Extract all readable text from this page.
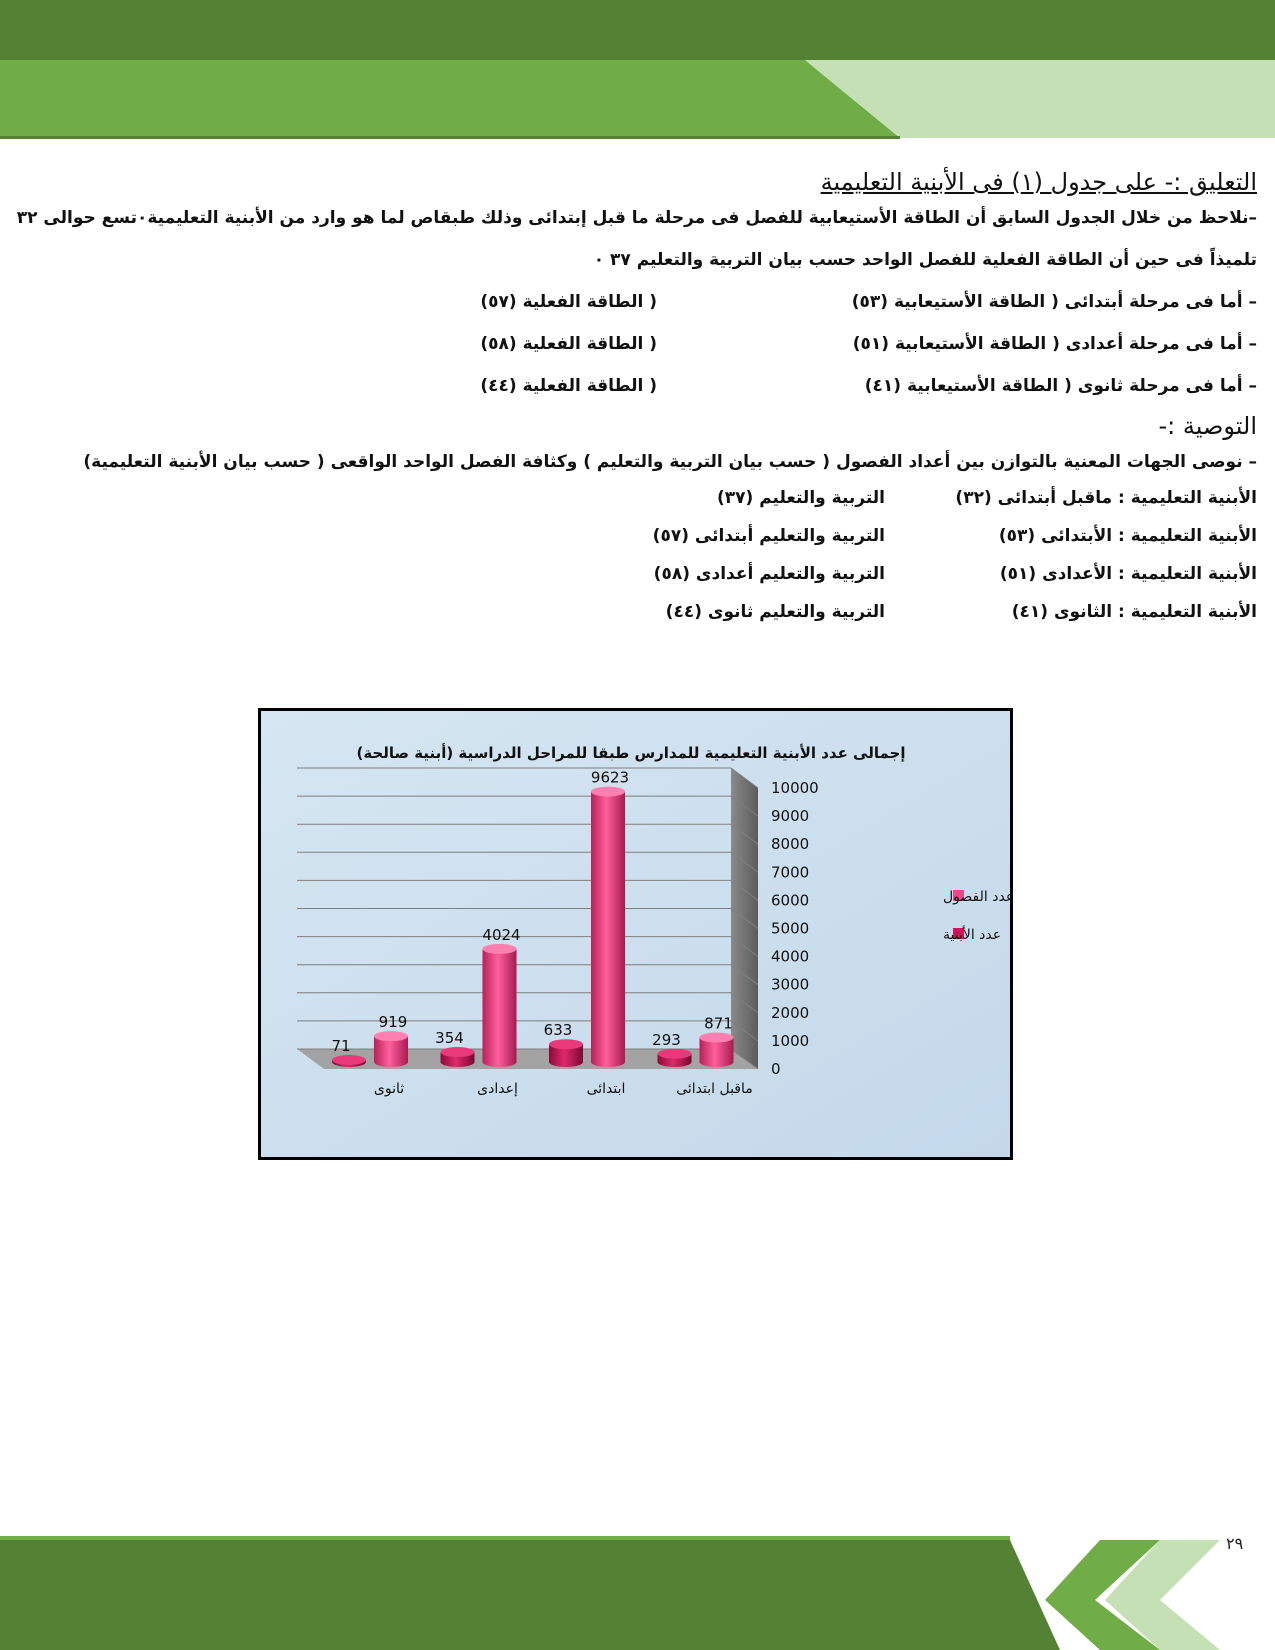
التعليق :- على جدول (١) فى الأبنية التعليمية
–نلاحظ من خلال الجدول السابق أن الطاقة الأستيعابية للفصل فى مرحلة ما قبل إبتدائى وذلك طبقاص لما هو وارد من الأبنية التعليمية٠تسع حوالى ٣٢
تلميذاً فى حين أن الطاقة الفعلية للفصل الواحد حسب بيان التربية والتعليم ٣٧ ٠
– أما فى مرحلة أبتدائى ( الطاقة الأستيعابية (٥٣)
( الطاقة الفعلية (٥٧)
– أما فى مرحلة أعدادى ( الطاقة الأستيعابية (٥١)
( الطاقة الفعلية (٥٨)
– أما فى مرحلة ثانوى ( الطاقة الأستيعابية (٤١)
( الطاقة الفعلية (٤٤)
التوصية :-
– نوصى الجهات المعنية بالتوازن بين أعداد الفصول ( حسب بيان التربية والتعليم ) وكثافة الفصل الواحد الواقعى ( حسب بيان الأبنية التعليمية)
الأبنية التعليمية : ماقبل أبتدائى (٣٢)
التربية والتعليم (٣٧)
الأبنية التعليمية : الأبتدائى (٥٣)
التربية والتعليم أبتدائى (٥٧)
الأبنية التعليمية : الأعدادى (٥١)
التربية والتعليم أعدادى (٥٨)
الأبنية التعليمية : الثانوى (٤١)
التربية والتعليم ثانوى (٤٤)
إجمالى عدد الأبنية التعليمية للمدارس طبقا للمراحل الدراسية (أبنية صالحة)
0
1000
2000
3000
4000
5000
6000
7000
8000
9000
10000
71
919
ثانوى
354
4024
إعدادى
633
9623
ابتدائى
293
871
ماقبل ابتدائى
عدد الفصول
عدد الأبنية
٢٩
